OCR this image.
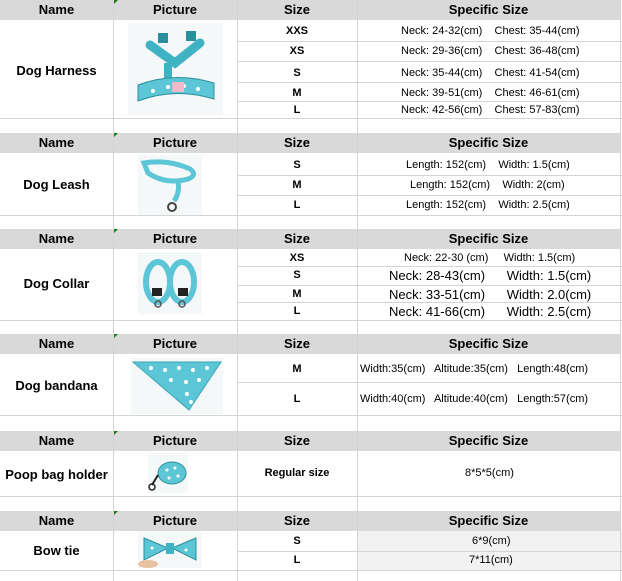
Name	Picture	Size	Specific Size
Dog Harness
XXS	Neck: 24-32(cm)    Chest: 35-44(cm)
XS	Neck: 29-36(cm)    Chest: 36-48(cm)
S	Neck: 35-44(cm)    Chest: 41-54(cm)
M	Neck: 39-51(cm)    Chest: 46-61(cm)
L	Neck: 42-56(cm)    Chest: 57-83(cm)
Name	Picture	Size	Specific Size
Dog Leash
S	Length: 152(cm)    Width: 1.5(cm)
M	Length: 152(cm)    Width: 2(cm)
L	Length: 152(cm)    Width: 2.5(cm)
Name	Picture	Size	Specific Size
Dog Collar
XS	Neck: 22-30 (cm)     Width: 1.5(cm)
S	Neck: 28-43(cm)      Width: 1.5(cm)
M	Neck: 33-51(cm)      Width: 2.0(cm)
L	Neck: 41-66(cm)      Width: 2.5(cm)
Name	Picture	Size	Specific Size
Dog bandana
M	Width:35(cm)   Altitude:35(cm)   Length:48(cm)
L	Width:40(cm)   Altitude:40(cm)   Length:57(cm)
Name	Picture	Size	Specific Size
Poop bag holder	Regular size	8*5*5(cm)
Name	Picture	Size	Specific Size
Bow tie
S	6*9(cm)
L	7*11(cm)
